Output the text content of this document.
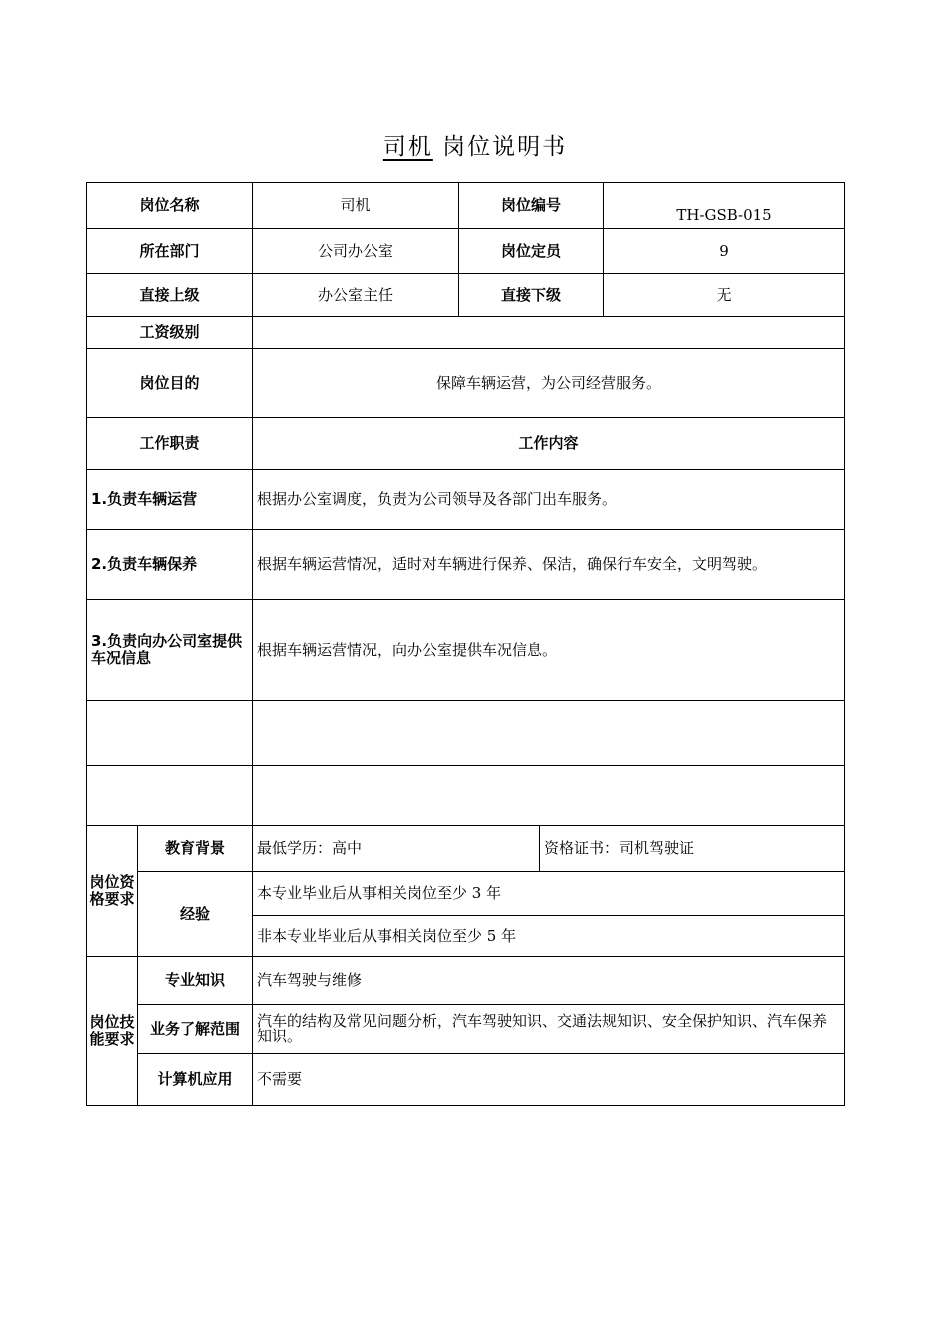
司机 岗位说明书
岗位名称		司机	岗位编号		TH-GSB-015
所在部门		公司办公室	岗位定员		9
直接上级		办公室主任	直接下级		无
工资级别					
岗位目的		保障车辆运营，为公司经营服务。			
工作职责		工作内容			
1.负责车辆运营		根据办公室调度，负责为公司领导及各部门出车服务。			
2.负责车辆保养		根据车辆运营情况，适时对车辆进行保养、保洁，确保行车安全，文明驾驶。			
3.负责向办公司室提供车况信息		根据车辆运营情况，向办公室提供车况信息。			

岗位资格要求	教育背景	最低学历：高中		资格证书：司机驾驶证	
	经验	本专业毕业后从事相关岗位至少 3 年			
		非本专业毕业后从事相关岗位至少 5 年			
岗位技能要求	专业知识	汽车驾驶与维修			
	业务了解范围	汽车的结构及常见问题分析，汽车驾驶知识、交通法规知识、安全保护知识、汽车保养知识。			
	计算机应用	不需要			
